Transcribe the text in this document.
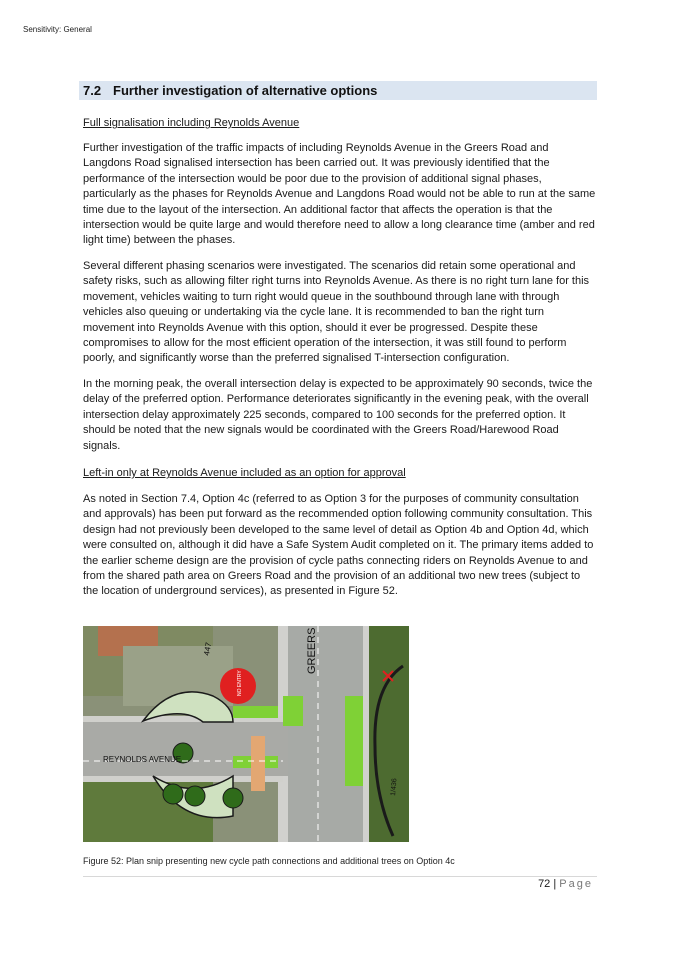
Sensitivity: General
7.2 Further investigation of alternative options
Full signalisation including Reynolds Avenue

Further investigation of the traffic impacts of including Reynolds Avenue in the Greers Road and Langdons Road signalised intersection has been carried out. It was previously identified that the performance of the intersection would be poor due to the provision of additional signal phases, particularly as the phases for Reynolds Avenue and Langdons Road would not be able to run at the same time due to the layout of the intersection. An additional factor that affects the operation is that the intersection would be quite large and would therefore need to allow a long clearance time (amber and red light time) between the phases.

Several different phasing scenarios were investigated. The scenarios did retain some operational and safety risks, such as allowing filter right turns into Reynolds Avenue. As there is no right turn lane for this movement, vehicles waiting to turn right would queue in the southbound through lane with through vehicles also queuing or undertaking via the cycle lane. It is recommended to ban the right turn movement into Reynolds Avenue with this option, should it ever be progressed. Despite these compromises to allow for the most efficient operation of the intersection, it was still found to perform poorly, and significantly worse than the preferred signalised T-intersection configuration.

In the morning peak, the overall intersection delay is expected to be approximately 90 seconds, twice the delay of the preferred option. Performance deteriorates significantly in the evening peak, with the overall intersection delay approximately 225 seconds, compared to 100 seconds for the preferred option. It should be noted that the new signals would be coordinated with the Greers Road/Harewood Road signals.

Left-in only at Reynolds Avenue included as an option for approval

As noted in Section 7.4, Option 4c (referred to as Option 3 for the purposes of community consultation and approvals) has been put forward as the recommended option following community consultation. This design had not previously been developed to the same level of detail as Option 4b and Option 4d, which were consulted on, although it did have a Safe System Audit completed on it. The primary items added to the earlier scheme design are the provision of cycle paths connecting riders on Reynolds Avenue to and from the shared path area on Greers Road and the provision of an additional two new trees (subject to the location of underground services), as presented in Figure 52.

REYNOLDS AVENUE
GREERS
447
1/436
NO ENTRY
Figure 52: Plan snip presenting new cycle path connections and additional trees on Option 4c
72 | Page
